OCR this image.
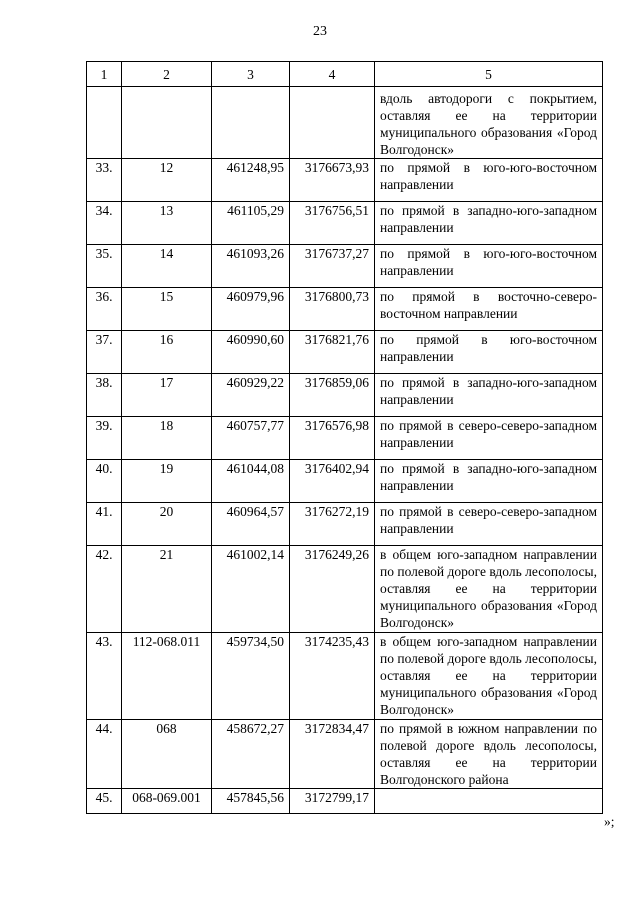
23
1	2	3	4	5
				вдоль автодороги с покрытием, оставляя ее на территории муниципального образования «Город Волгодонск»
33.	12	461248,95	3176673,93	по прямой в юго-юго-восточном направлении
34.	13	461105,29	3176756,51	по прямой в западно-юго-западном направлении
35.	14	461093,26	3176737,27	по прямой в юго-юго-восточном направлении
36.	15	460979,96	3176800,73	по прямой в восточно-северо-восточном направлении
37.	16	460990,60	3176821,76	по прямой в юго-восточном направлении
38.	17	460929,22	3176859,06	по прямой в западно-юго-западном направлении
39.	18	460757,77	3176576,98	по прямой в северо-северо-западном направлении
40.	19	461044,08	3176402,94	по прямой в западно-юго-западном направлении
41.	20	460964,57	3176272,19	по прямой в северо-северо-западном направлении
42.	21	461002,14	3176249,26	в общем юго-западном направлении по полевой дороге вдоль лесополосы, оставляя ее на территории муниципального образования «Город Волгодонск»
43.	112-068.011	459734,50	3174235,43	в общем юго-западном направлении по полевой дороге вдоль лесополосы, оставляя ее на территории муниципального образования «Город Волгодонск»
44.	068	458672,27	3172834,47	по прямой в южном направлении по полевой дороге вдоль лесополосы, оставляя ее на территории Волгодонского района
45.	068-069.001	457845,56	3172799,17	
»;
